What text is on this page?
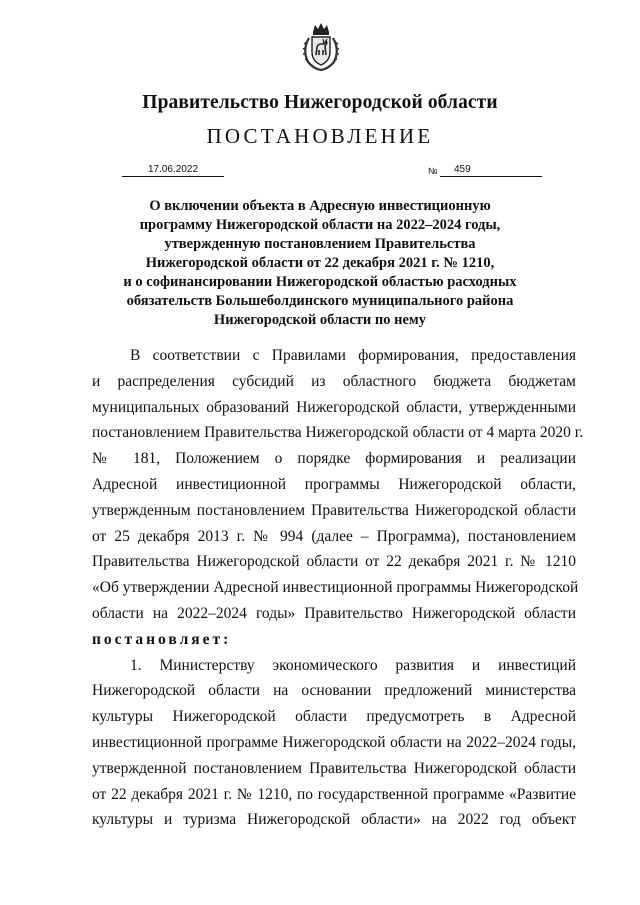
Правительство Нижегородской области
ПОСТАНОВЛЕНИЕ
17.06.2022	№	459
О включении объекта в Адресную инвестиционную
программу Нижегородской области на 2022–2024 годы,
утвержденную постановлением Правительства
Нижегородской области от 22 декабря 2021 г. № 1210,
и о софинансировании Нижегородской областью расходных
обязательств Большеболдинского муниципального района
Нижегородской области по нему
В соответствии с Правилами формирования, предоставления
и распределения субсидий из областного бюджета бюджетам
муниципальных образований Нижегородской области, утвержденными
постановлением Правительства Нижегородской области от 4 марта 2020 г.
№ 181, Положением о порядке формирования и реализации
Адресной инвестиционной программы Нижегородской области,
утвержденным постановлением Правительства Нижегородской области
от 25 декабря 2013 г. № 994 (далее – Программа), постановлением
Правительства Нижегородской области от 22 декабря 2021 г. № 1210
«Об утверждении Адресной инвестиционной программы Нижегородской
области на 2022–2024 годы» Правительство Нижегородской области
постановляет:
1. Министерству экономического развития и инвестиций
Нижегородской области на основании предложений министерства
культуры Нижегородской области предусмотреть в Адресной
инвестиционной программе Нижегородской области на 2022–2024 годы,
утвержденной постановлением Правительства Нижегородской области
от 22 декабря 2021 г. № 1210, по государственной программе «Развитие
культуры и туризма Нижегородской области» на 2022 год объект
